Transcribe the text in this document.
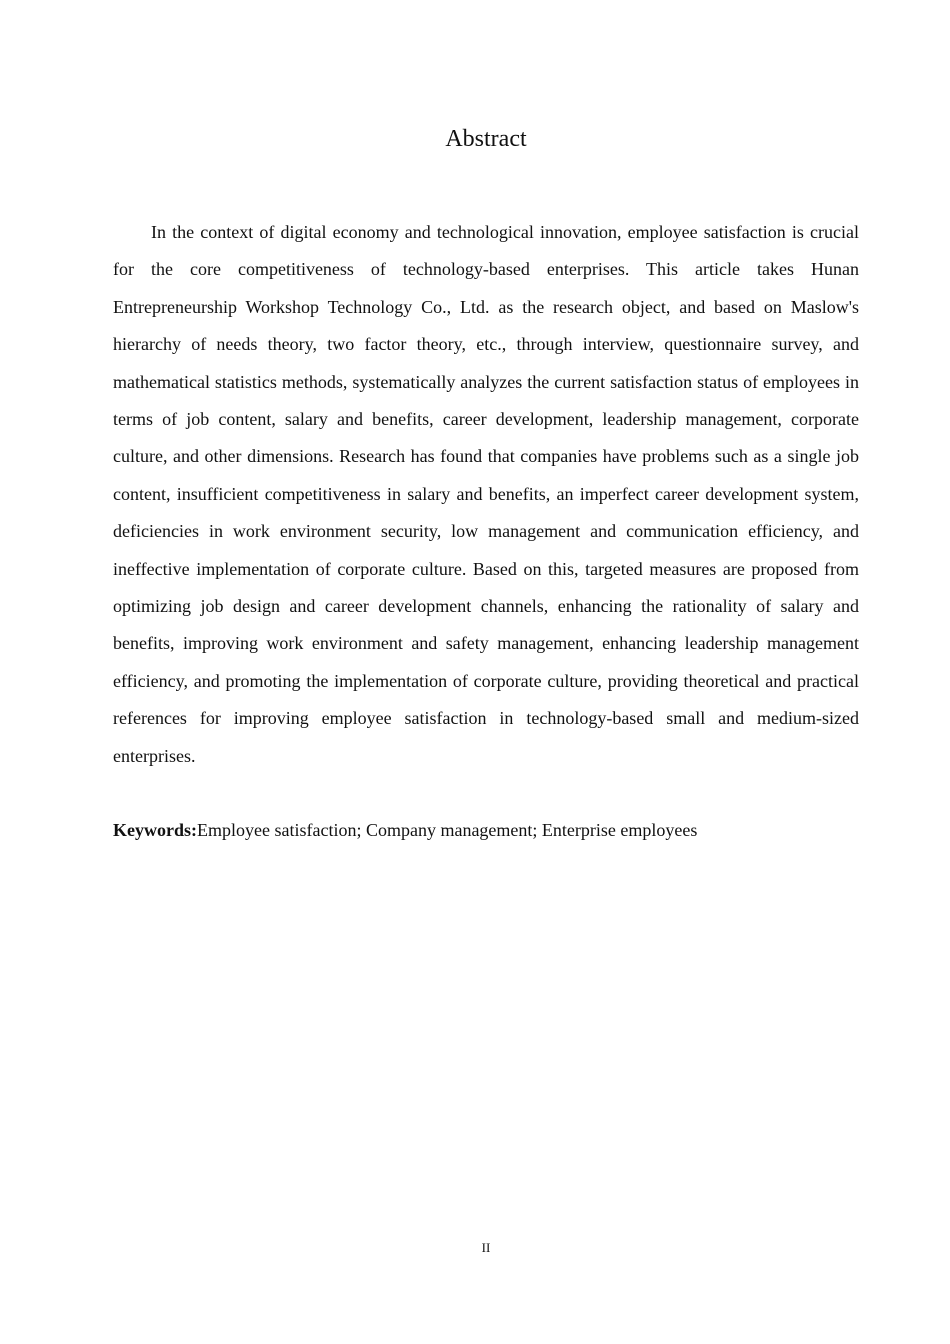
Abstract

In the context of digital economy and technological innovation, employee satisfaction is crucial for the core competitiveness of technology-based enterprises. This article takes Hunan Entrepreneurship Workshop Technology Co., Ltd. as the research object, and based on Maslow's hierarchy of needs theory, two factor theory, etc., through interview, questionnaire survey, and mathematical statistics methods, systematically analyzes the current satisfaction status of employees in terms of job content, salary and benefits, career development, leadership management, corporate culture, and other dimensions. Research has found that companies have problems such as a single job content, insufficient competitiveness in salary and benefits, an imperfect career development system, deficiencies in work environment security, low management and communication efficiency, and ineffective implementation of corporate culture. Based on this, targeted measures are proposed from optimizing job design and career development channels, enhancing the rationality of salary and benefits, improving work environment and safety management, enhancing leadership management efficiency, and promoting the implementation of corporate culture, providing theoretical and practical references for improving employee satisfaction in technology-based small and medium-sized enterprises.

Keywords:Employee satisfaction; Company management; Enterprise employees

II
